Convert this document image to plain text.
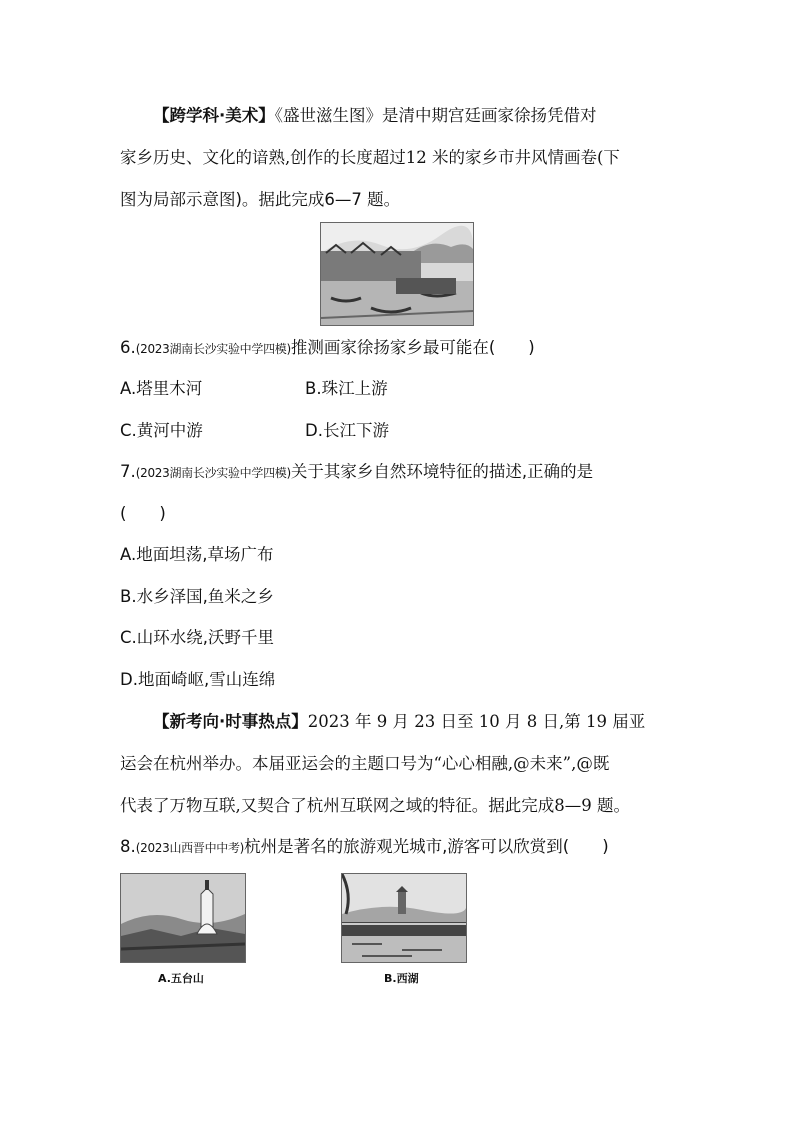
【跨学科·美术】《盛世滋生图》是清中期宫廷画家徐扬凭借对
家乡历史、文化的谙熟,创作的长度超过12 米的家乡市井风情画卷(下
图为局部示意图)。据此完成6—7 题。
6.(2023湖南长沙实验中学四模)推测画家徐扬家乡最可能在(　　)
A.塔里木河	B.珠江上游
C.黄河中游	D.长江下游
7.(2023湖南长沙实验中学四模)关于其家乡自然环境特征的描述,正确的是
(　　)
A.地面坦荡,草场广布
B.水乡泽国,鱼米之乡
C.山环水绕,沃野千里
D.地面崎岖,雪山连绵
【新考向·时事热点】2023 年 9 月 23 日至 10 月 8 日,第 19 届亚
运会在杭州举办。本届亚运会的主题口号为“心心相融,@未来”,@既
代表了万物互联,又契合了杭州互联网之域的特征。据此完成8—9 题。
8.(2023山西晋中中考)杭州是著名的旅游观光城市,游客可以欣赏到(　　)
A.五台山	B.西湖
